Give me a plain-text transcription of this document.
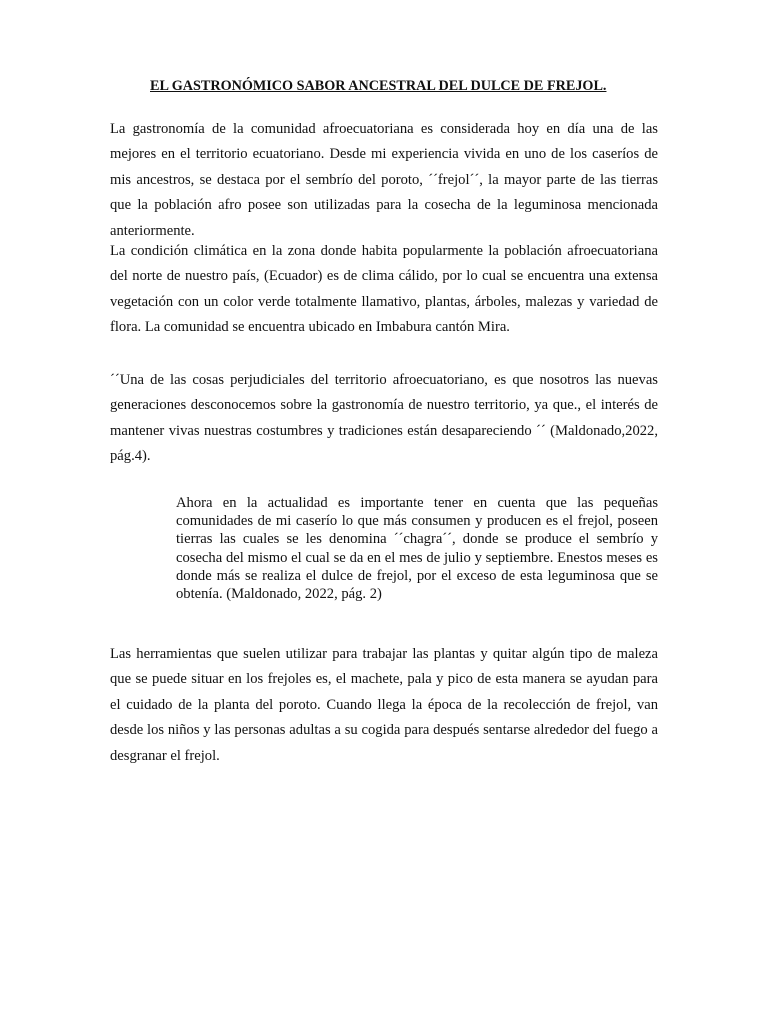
EL GASTRONÓMICO SABOR ANCESTRAL DEL DULCE DE FREJOL.

La gastronomía de la comunidad afroecuatoriana es considerada hoy en día una de las mejores en el territorio ecuatoriano. Desde mi experiencia vivida en uno de los caseríos de mis ancestros, se destaca por el sembrío del poroto, ´´frejol´´, la mayor parte de las tierras que la población afro posee son utilizadas para la cosecha de la leguminosa mencionada anteriormente.

La condición climática en la zona donde habita popularmente la población afroecuatoriana del norte de nuestro país, (Ecuador) es de clima cálido, por lo cual se encuentra una extensa vegetación con un color verde totalmente llamativo, plantas, árboles, malezas y variedad de flora. La comunidad se encuentra ubicado en Imbabura cantón Mira.

´´Una de las cosas perjudiciales del territorio afroecuatoriano, es que nosotros las nuevas generaciones desconocemos sobre la gastronomía de nuestro territorio, ya que., el interés de mantener vivas nuestras costumbres y tradiciones están desapareciendo ´´ (Maldonado,2022, pág.4).

Ahora en la actualidad es importante tener en cuenta que las pequeñas comunidades de mi caserío lo que más consumen y producen es el frejol, poseen tierras las cuales se les denomina ´´chagra´´, donde se produce el sembrío y cosecha del mismo el cual se da en el mes de julio y septiembre. Enestos meses es donde más se realiza el dulce de frejol, por el exceso de esta leguminosa que se obtenía. (Maldonado, 2022, pág. 2)

Las herramientas que suelen utilizar para trabajar las plantas y quitar algún tipo de maleza que se puede situar en los frejoles es, el machete, pala y pico de esta manera se ayudan para el cuidado de la planta del poroto. Cuando llega la época de la recolección de frejol, van desde los niños y las personas adultas a su cogida para después sentarse alrededor del fuego a desgranar el frejol.
